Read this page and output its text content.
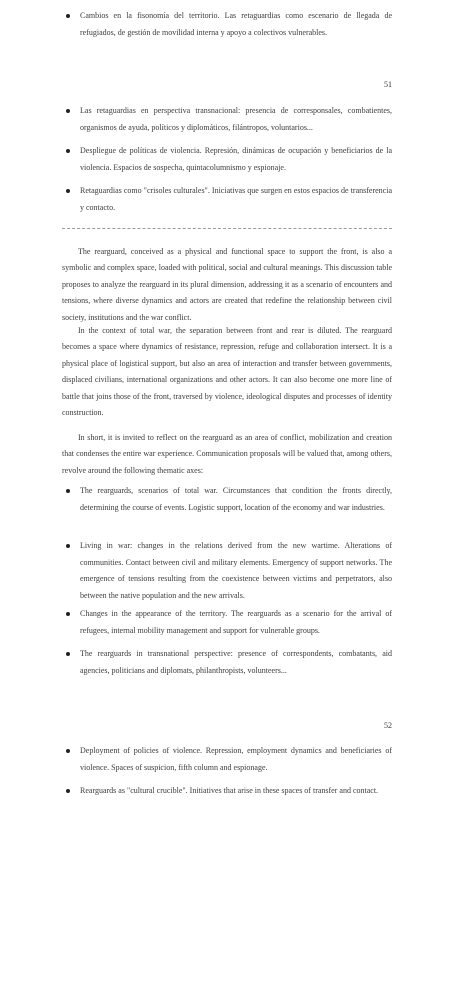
Cambios en la fisonomía del territorio. Las retaguardias como escenario de llegada de refugiados, de gestión de movilidad interna y apoyo a colectivos vulnerables.
51
Las retaguardias en perspectiva transnacional: presencia de corresponsales, combatientes, organismos de ayuda, políticos y diplomáticos, filántropos, voluntarios...
Despliegue de políticas de violencia. Represión, dinámicas de ocupación y beneficiarios de la violencia. Espacios de sospecha, quintacolumnismo y espionaje.
Retaguardias como "crisoles culturales". Iniciativas que surgen en estos espacios de transferencia y contacto.
The rearguard, conceived as a physical and functional space to support the front, is also a symbolic and complex space, loaded with political, social and cultural meanings. This discussion table proposes to analyze the rearguard in its plural dimension, addressing it as a scenario of encounters and tensions, where diverse dynamics and actors are created that redefine the relationship between civil society, institutions and the war conflict.
In the context of total war, the separation between front and rear is diluted. The rearguard becomes a space where dynamics of resistance, repression, refuge and collaboration intersect. It is a physical place of logistical support, but also an area of interaction and transfer between governments, displaced civilians, international organizations and other actors. It can also become one more line of battle that joins those of the front, traversed by violence, ideological disputes and processes of identity construction.
In short, it is invited to reflect on the rearguard as an area of conflict, mobilization and creation that condenses the entire war experience. Communication proposals will be valued that, among others, revolve around the following thematic axes:
The rearguards, scenarios of total war. Circumstances that condition the fronts directly, determining the course of events. Logistic support, location of the economy and war industries.
Living in war: changes in the relations derived from the new wartime. Alterations of communities. Contact between civil and military elements. Emergency of support networks. The emergence of tensions resulting from the coexistence between victims and perpetrators, also between the native population and the new arrivals.
Changes in the appearance of the territory. The rearguards as a scenario for the arrival of refugees, internal mobility management and support for vulnerable groups.
The rearguards in transnational perspective: presence of correspondents, combatants, aid agencies, politicians and diplomats, philanthropists, volunteers...
52
Deployment of policies of violence. Repression, employment dynamics and beneficiaries of violence. Spaces of suspicion, fifth column and espionage.
Rearguards as "cultural crucible". Initiatives that arise in these spaces of transfer and contact.
